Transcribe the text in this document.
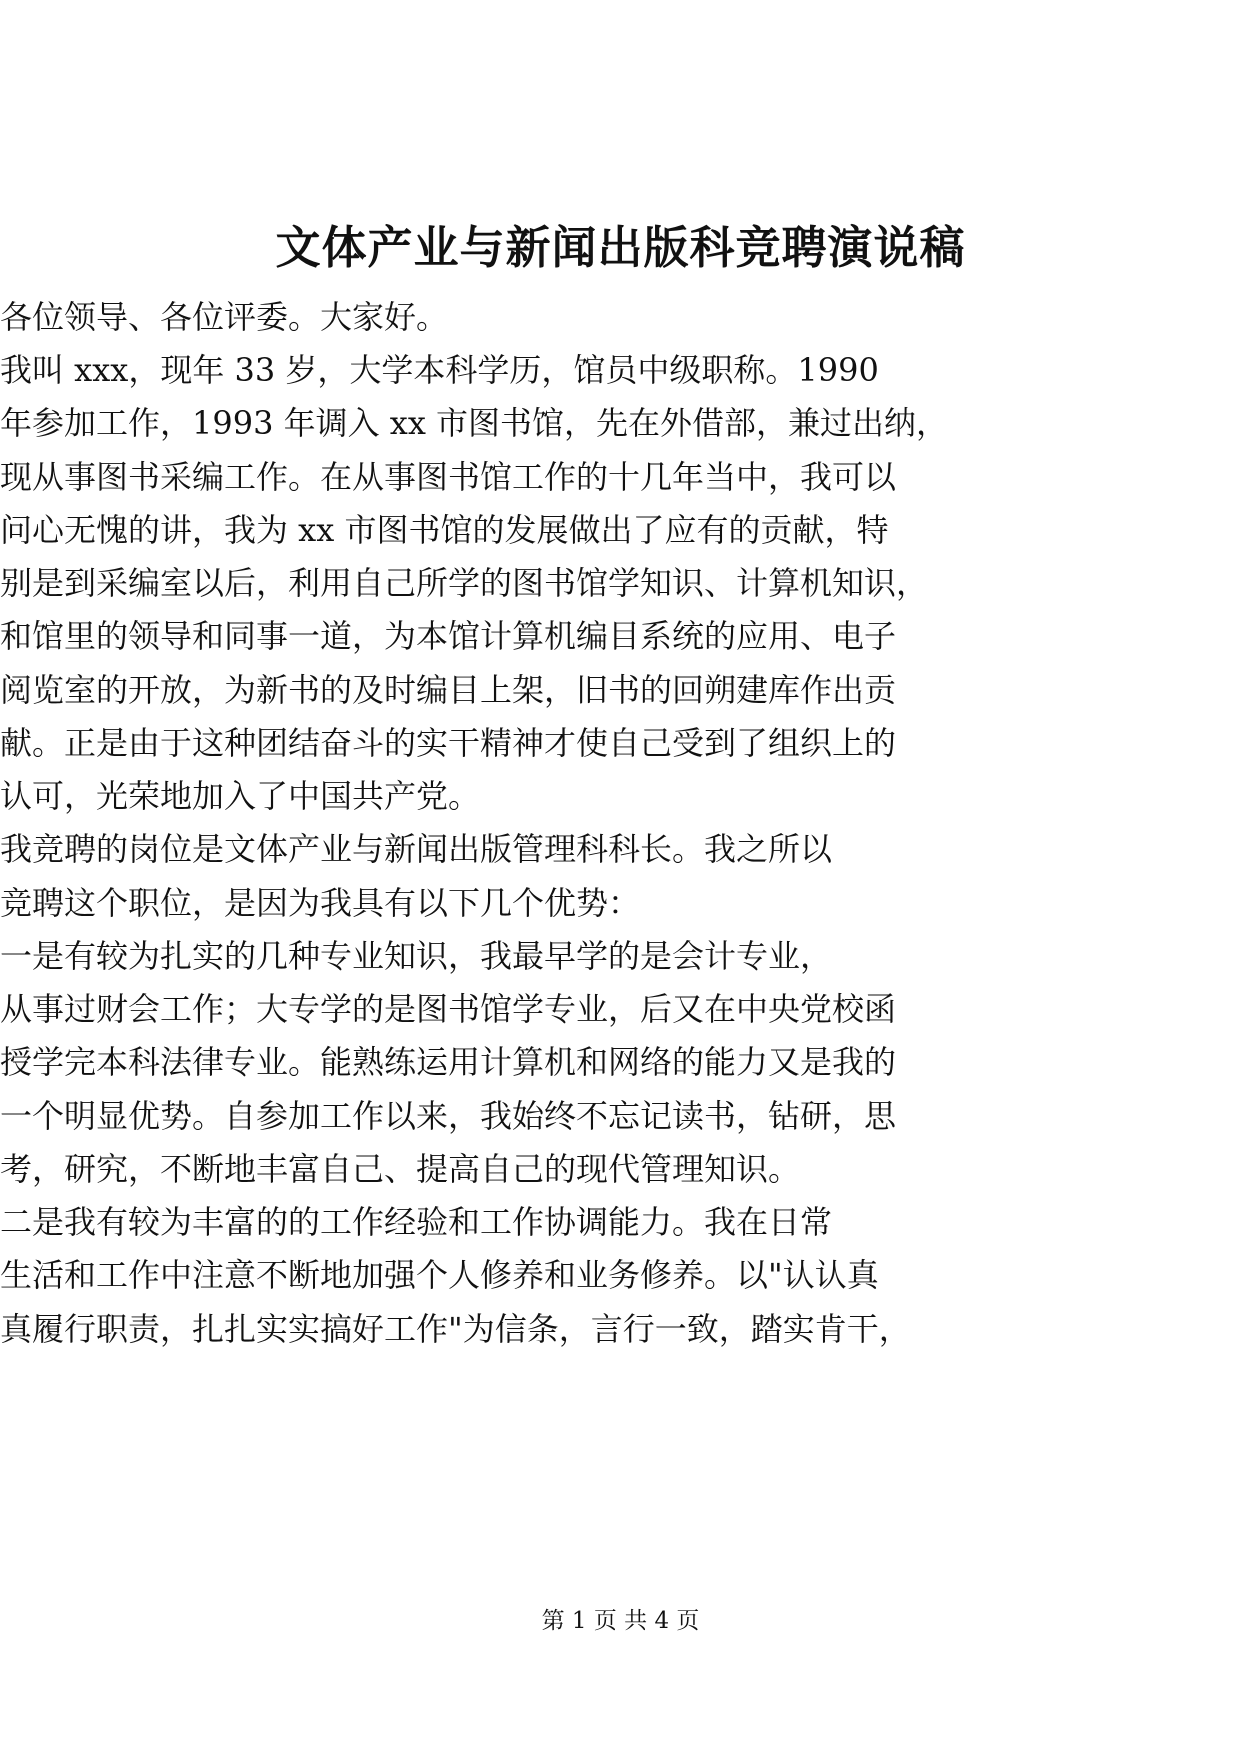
文体产业与新闻出版科竞聘演说稿
各位领导、各位评委。大家好。
我叫 xxx，现年 33 岁，大学本科学历，馆员中级职称。1990
年参加工作，1993 年调入 xx 市图书馆，先在外借部，兼过出纳，
现从事图书采编工作。在从事图书馆工作的十几年当中，我可以
问心无愧的讲，我为 xx 市图书馆的发展做出了应有的贡献，特
别是到采编室以后，利用自己所学的图书馆学知识、计算机知识，
和馆里的领导和同事一道，为本馆计算机编目系统的应用、电子
阅览室的开放，为新书的及时编目上架，旧书的回朔建库作出贡
献。正是由于这种团结奋斗的实干精神才使自己受到了组织上的
认可，光荣地加入了中国共产党。
我竞聘的岗位是文体产业与新闻出版管理科科长。我之所以
竞聘这个职位，是因为我具有以下几个优势：
一是有较为扎实的几种专业知识，我最早学的是会计专业，
从事过财会工作；大专学的是图书馆学专业，后又在中央党校函
授学完本科法律专业。能熟练运用计算机和网络的能力又是我的
一个明显优势。自参加工作以来，我始终不忘记读书，钻研，思
考，研究，不断地丰富自己、提高自己的现代管理知识。
二是我有较为丰富的的工作经验和工作协调能力。我在日常
生活和工作中注意不断地加强个人修养和业务修养。以"认认真
真履行职责，扎扎实实搞好工作"为信条，言行一致，踏实肯干，
第 1 页 共 4 页
